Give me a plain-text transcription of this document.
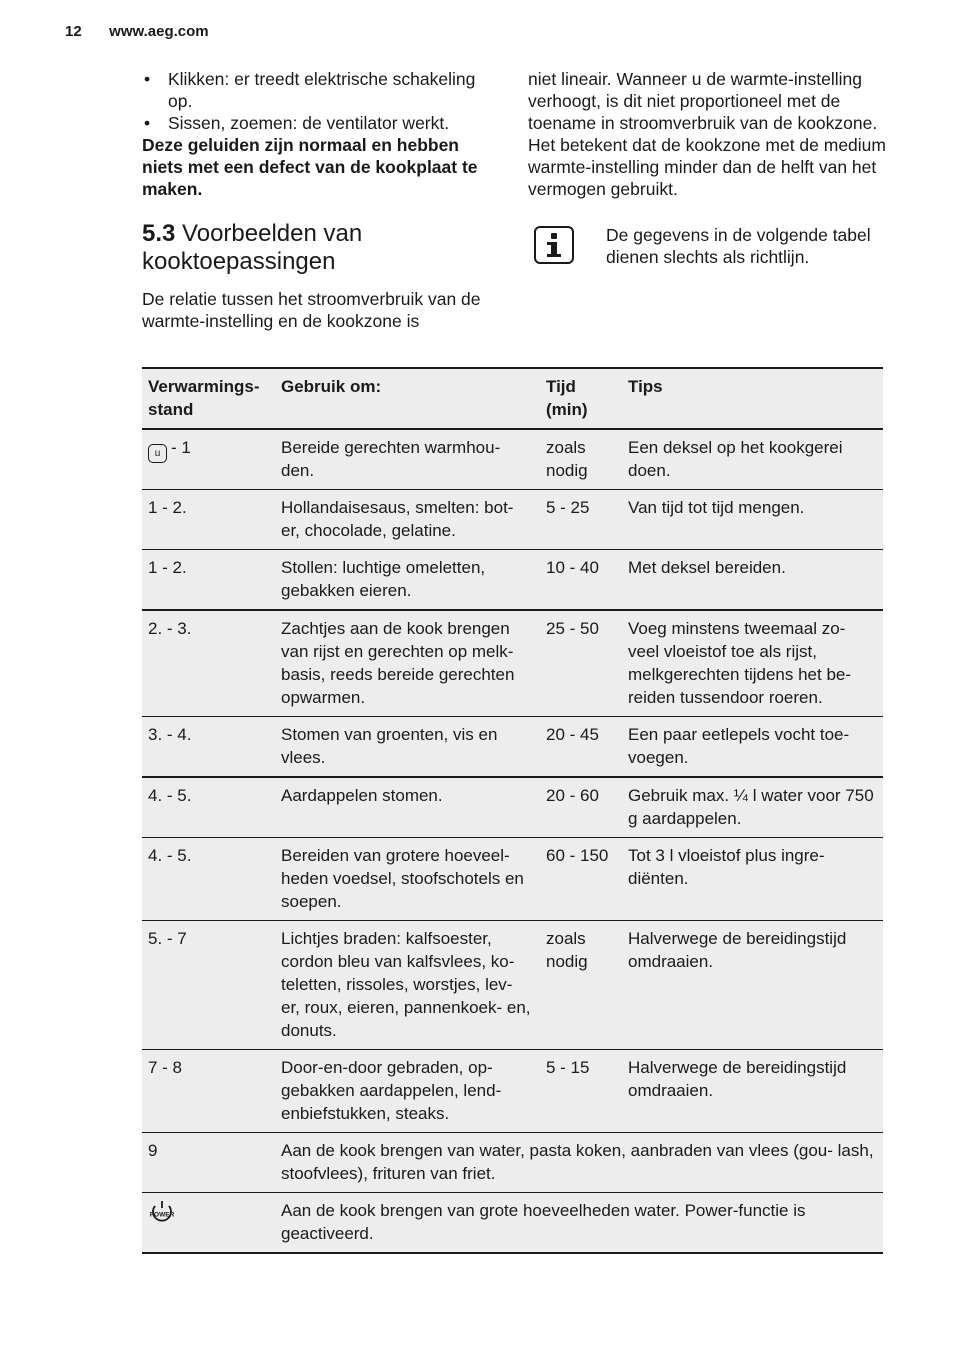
12 www.aeg.com
• Klikken: er treedt elektrische schakeling op.
• Sissen, zoemen: de ventilator werkt.

Deze geluiden zijn normaal en hebben niets met een defect van de kookplaat te maken.

5.3 Voorbeelden van kooktoepassingen

De relatie tussen het stroomverbruik van de warmte-instelling en de kookzone is

niet lineair. Wanneer u de warmte-instelling verhoogt, is dit niet proportioneel met de toename in stroomverbruik van de kookzone. Het betekent dat de kookzone met de medium warmte-instelling minder dan de helft van het vermogen gebruikt.

De gegevens in de volgende tabel dienen slechts als richtlijn.

Verwarmings- stand	Gebruik om:	Tijd (min)	Tips
u - 1	Bereide gerechten warmhou- den.	zoals nodig	Een deksel op het kookgerei doen.
1 - 2.	Hollandaisesaus, smelten: bot- er, chocolade, gelatine.	5 - 25	Van tijd tot tijd mengen.
1 - 2.	Stollen: luchtige omeletten, gebakken eieren.	10 - 40	Met deksel bereiden.
2. - 3.	Zachtjes aan de kook brengen van rijst en gerechten op melk- basis, reeds bereide gerechten opwarmen.	25 - 50	Voeg minstens tweemaal zo- veel vloeistof toe als rijst, melkgerechten tijdens het be- reiden tussendoor roeren.
3. - 4.	Stomen van groenten, vis en vlees.	20 - 45	Een paar eetlepels vocht toe- voegen.
4. - 5.	Aardappelen stomen.	20 - 60	Gebruik max. ¼ l water voor 750 g aardappelen.
4. - 5.	Bereiden van grotere hoeveel- heden voedsel, stoofschotels en soepen.	60 - 150	Tot 3 l vloeistof plus ingre- diënten.
5. - 7	Lichtjes braden: kalfsoester, cordon bleu van kalfsvlees, ko- teletten, rissoles, worstjes, lev- er, roux, eieren, pannenkoek- en, donuts.	zoals nodig	Halverwege de bereidingstijd omdraaien.
7 - 8	Door-en-door gebraden, op- gebakken aardappelen, lend- enbiefstukken, steaks.	5 - 15	Halverwege de bereidingstijd omdraaien.
9	Aan de kook brengen van water, pasta koken, aanbraden van vlees (gou- lash, stoofvlees), frituren van friet.		

POWER	Aan de kook brengen van grote hoeveelheden water. Power-functie is geactiveerd.		
